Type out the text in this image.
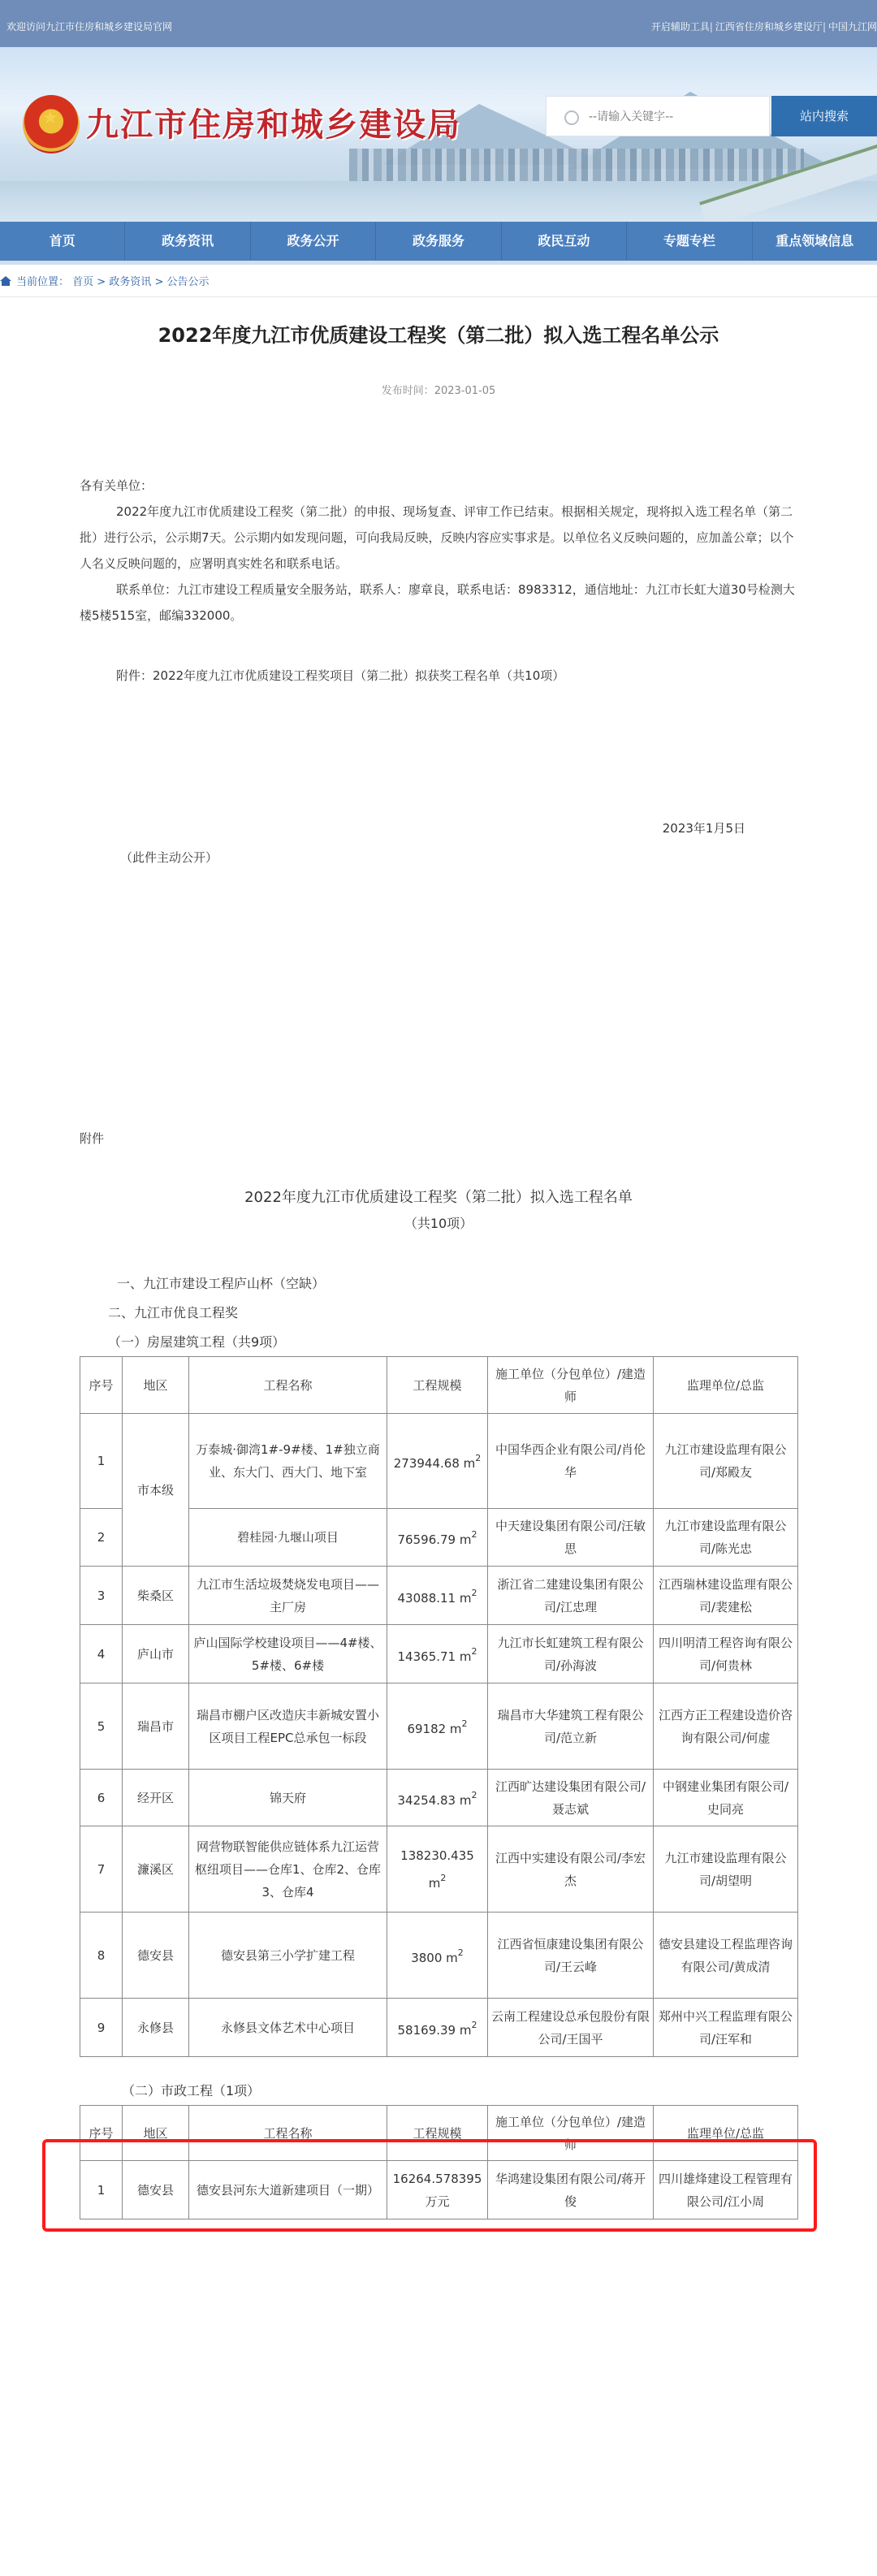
欢迎访问九江市住房和城乡建设局官网	开启辅助工具| 江西省住房和城乡建设厅| 中国九江网
★ 九江市住房和城乡建设局
--请输入关键字--	站内搜索
首页	政务资讯	政务公开	政务服务	政民互动	专题专栏	重点领域信息
当前位置： 首页 > 政务资讯 > 公告公示
2022年度九江市优质建设工程奖（第二批）拟入选工程名单公示
发布时间：2023-01-05
各有关单位：
2022年度九江市优质建设工程奖（第二批）的申报、现场复查、评审工作已结束。根据相关规定，现将拟入选工程名单（第二批）进行公示，公示期7天。公示期内如发现问题，可向我局反映，反映内容应实事求是。以单位名义反映问题的，应加盖公章；以个人名义反映问题的，应署明真实姓名和联系电话。
联系单位：九江市建设工程质量安全服务站，联系人：廖章良，联系电话：8983312，通信地址：九江市长虹大道30号检测大楼5楼515室，邮编332000。
附件：2022年度九江市优质建设工程奖项目（第二批）拟获奖工程名单（共10项）
2023年1月5日
（此件主动公开）
附件
2022年度九江市优质建设工程奖（第二批）拟入选工程名单
（共10项）
一、九江市建设工程庐山杯（空缺）
二、九江市优良工程奖
（一）房屋建筑工程（共9项）
序号	地区	工程名称	工程规模	施工单位（分包单位）/建造师	监理单位/总监
1	市本级	万泰城·御湾1#-9#楼、1#独立商业、东大门、西大门、地下室	273944.68 $m^2$	中国华西企业有限公司/肖伦华	九江市建设监理有限公司/郑殿友
2		碧桂园·九堰山项目	76596.79 $m^2$	中天建设集团有限公司/汪敏思	九江市建设监理有限公司/陈光忠
3	柴桑区	九江市生活垃圾焚烧发电项目——主厂房	43088.11 $m^2$	浙江省二建建设集团有限公司/江忠理	江西瑞林建设监理有限公司/裴建松
4	庐山市	庐山国际学校建设项目——4#楼、5#楼、6#楼	14365.71 $m^2$	九江市长虹建筑工程有限公司/孙海波	四川明清工程咨询有限公司/何贵林
5	瑞昌市	瑞昌市棚户区改造庆丰新城安置小区项目工程EPC总承包一标段	69182 $m^2$	瑞昌市大华建筑工程有限公司/范立新	江西方正工程建设造价咨询有限公司/何虚
6	经开区	锦天府	34254.83 $m^2$	江西旷达建设集团有限公司/聂志斌	中钢建业集团有限公司/史同亮
7	濂溪区	网营物联智能供应链体系九江运营枢纽项目——仓库1、仓库2、仓库3、仓库4	138230.435 $m^2$	江西中实建设有限公司/李宏杰	九江市建设监理有限公司/胡望明
8	德安县	德安县第三小学扩建工程	3800 $m^2$	江西省恒康建设集团有限公司/王云峰	德安县建设工程监理咨询有限公司/黄成清
9	永修县	永修县文体艺术中心项目	58169.39 $m^2$	云南工程建设总承包股份有限公司/王国平	郑州中兴工程监理有限公司/汪军和
（二）市政工程（1项）
序号	地区	工程名称	工程规模	施工单位（分包单位）/建造师	监理单位/总监
1	德安县	德安县河东大道新建项目（一期）	16264.578395万元	华鸿建设集团有限公司/蒋开俊	四川雄烽建设工程管理有限公司/江小周
